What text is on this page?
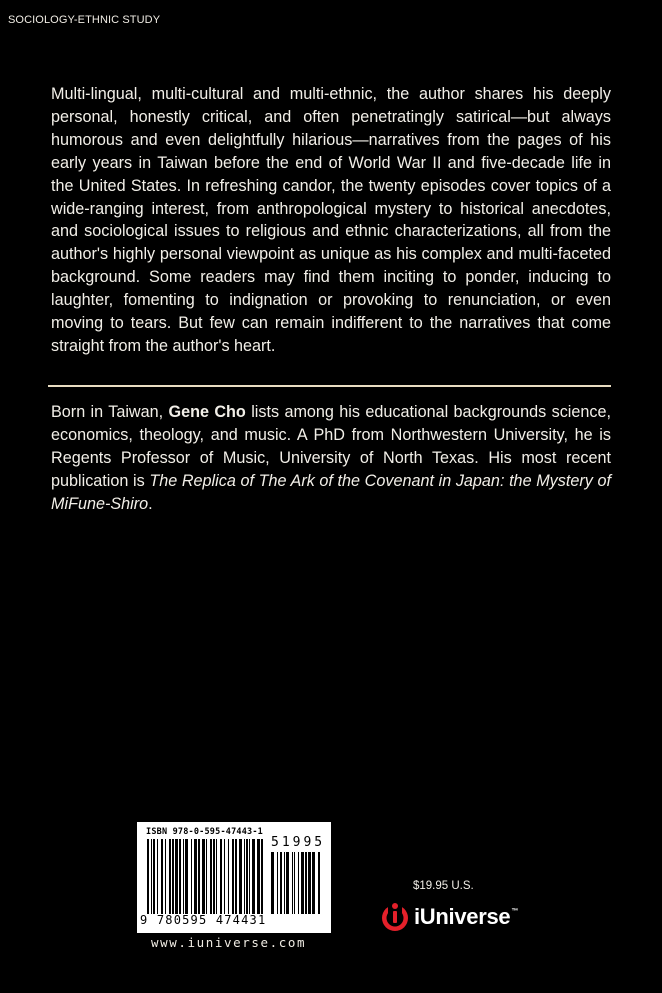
SOCIOLOGY-ETHNIC STUDY

Multi-lingual, multi-cultural and multi-ethnic, the author shares his deeply personal, honestly critical, and often penetratingly satirical—but always humorous and even delightfully hilarious—narratives from the pages of his early years in Taiwan before the end of World War II and five-decade life in the United States. In refreshing candor, the twenty episodes cover topics of a wide-ranging interest, from anthropological mystery to historical anecdotes, and sociological issues to religious and ethnic characterizations, all from the author's highly personal viewpoint as unique as his complex and multi-faceted background. Some readers may find them inciting to ponder, inducing to laughter, fomenting to indignation or provoking to renunciation, or even moving to tears. But few can remain indifferent to the narratives that come straight from the author's heart.

Born in Taiwan, Gene Cho lists among his educational backgrounds science, economics, theology, and music. A PhD from Northwestern University, he is Regents Professor of Music, University of North Texas. His most recent publication is The Replica of The Ark of the Covenant in Japan: the Mystery of MiFune-Shiro.

ISBN 978-0-595-47443-1
51995
9 780595 474431
www.iuniverse.com
$19.95 U.S.
iUniverse™
